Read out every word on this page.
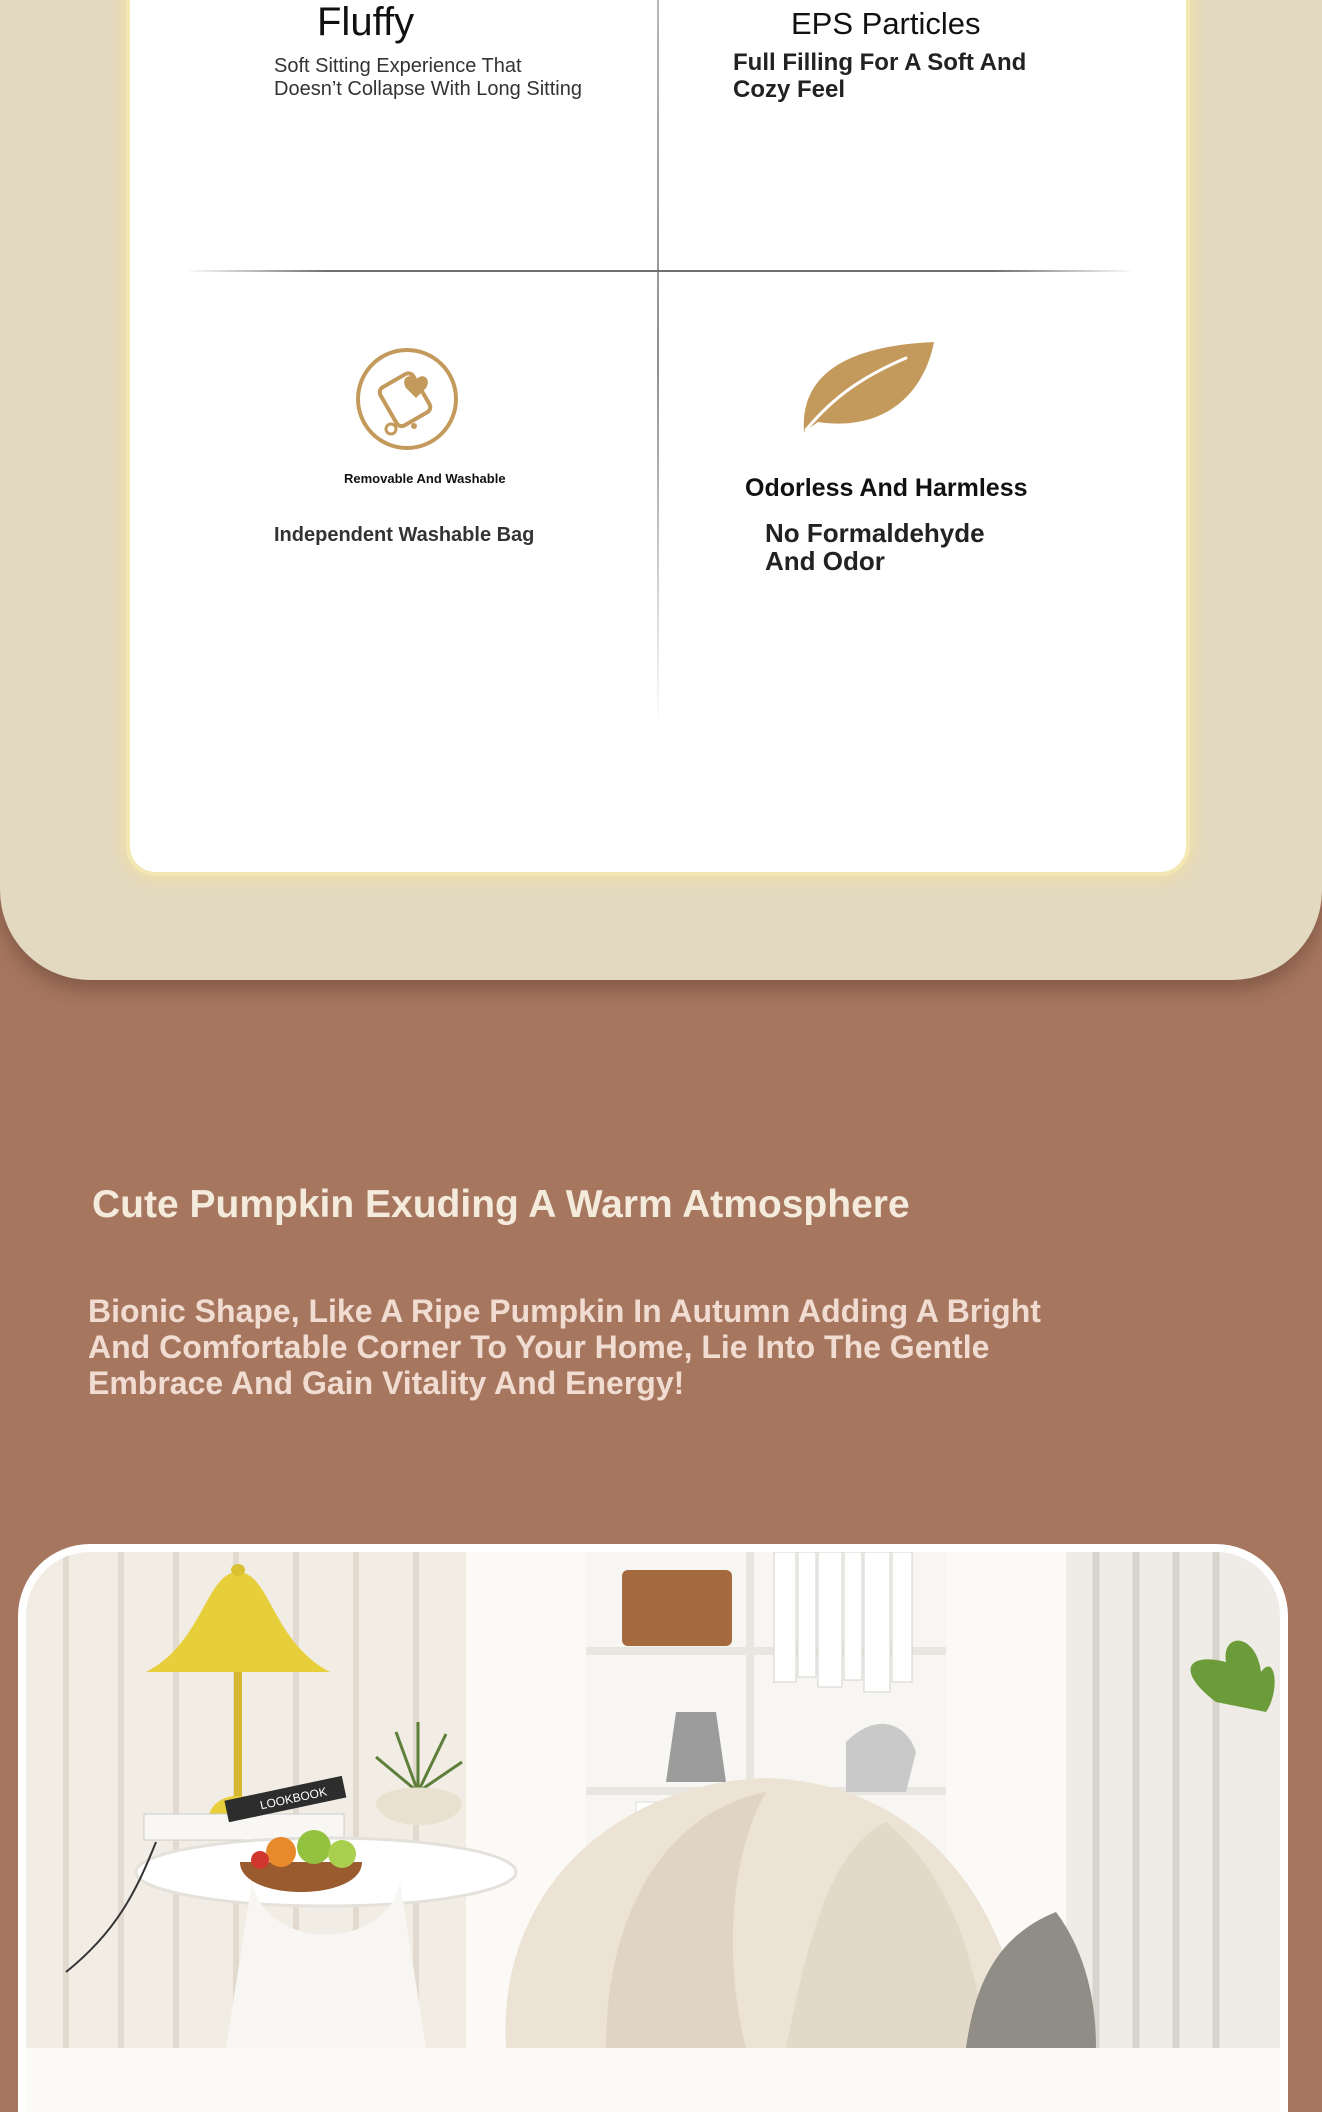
Fluffy

Soft Sitting Experience That

Doesn’t Collapse With Long Sitting

EPS Particles

Full Filling For A Soft And

Cozy Feel

Removable And Washable

Independent Washable Bag

Odorless And Harmless

No Formaldehyde

And Odor

Cute Pumpkin Exuding A Warm Atmosphere
Bionic Shape, Like A Ripe Pumpkin In Autumn Adding A Bright
And Comfortable Corner To Your Home, Lie Into The Gentle
Embrace And Gain Vitality And Energy!
LOOKBOOK
